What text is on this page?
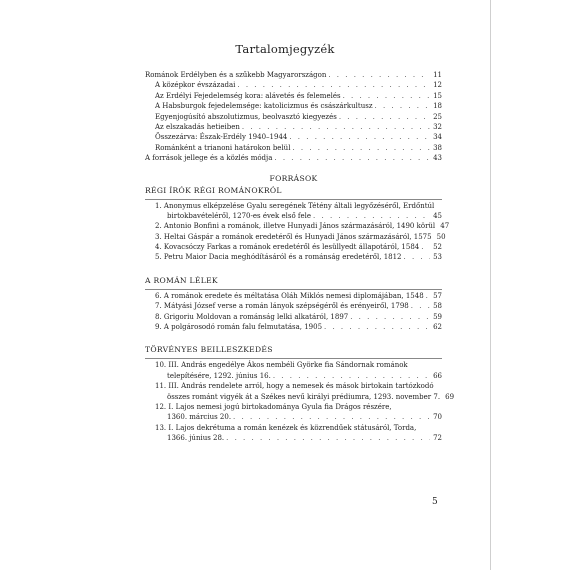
Tartalomjegyzék
Románok Erdélyben és a szűkebb Magyarországon . . .	11
A középkor évszázadai . . .	12
Az Erdélyi Fejedelemség kora: alávetés és felemelés . . .	15
A Habsburgok fejedelemsége: katolicizmus és császárkultusz . . .	18
Egyenjogúsító abszolutizmus, beolvasztó kiegyezés . . .	25
Az elszakadás hetieiben . . .	32
Összezárva: Észak-Erdély 1940–1944 . . .	34
Románként a trianoni határokon belül . . .	38
A források jellege és a közlés módja . . .	43
FORRÁSOK
RÉGI ÍRÓK RÉGI ROMÁNOKRÓL
1. Anonymus elképzelése Gyalu seregének Tétény általi legyőzéséről, Erdőntúl
birtokbavételéről, 1270-es évek első fele . . .	45
2. Antonio Bonfini a románok, illetve Hunyadi János származásáról, 1490 körül 47
3. Heltai Gáspár a románok eredetéről és Hunyadi János származásáról, 1575 50
4. Kovacsóczy Farkas a románok eredetéről és lesüllyedt állapotáról, 1584 . . . 52
5. Petru Maior Dacia meghódításáról és a románság eredetéről, 1812 . . .	53
A ROMÁN LÉLEK
6. A románok eredete és méltatása Oláh Miklós nemesi diplomájában, 1548 . . . 57
7. Mátyási József verse a román lányok szépségéről és erényeiről, 1798 . . .	58
8. Grigoriu Moldovan a románság lelki alkatáról, 1897 . . .	59
9. A polgárosodó román falu felmutatása, 1905 . . .	62
TÖRVÉNYES BEILLESZKEDÉS
10. III. András engedélye Ákos nembéli Györke fia Sándornak románok
telepítésére, 1292. június 16. . . .	66
11. III. András rendelete arról, hogy a nemesek és mások birtokain tartózkodó
összes románt vigyék át a Székes nevű királyi prédiumra, 1293. november 7. 69
12. I. Lajos nemesi jogú birtokadománya Gyula fia Drágos részére,
1360. március 20. . . .	70
13. I. Lajos dekrétuma a román kenézek és közrendűek státusáról, Torda,
1366. június 28. . . .	72
5
